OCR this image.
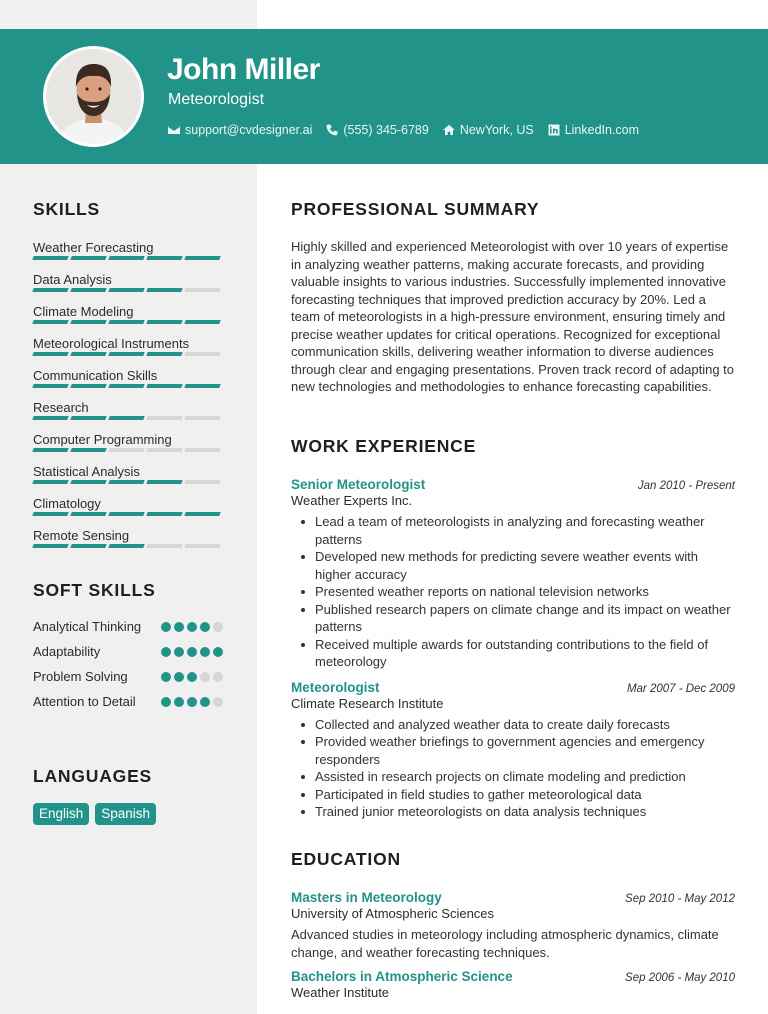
John Miller
Meteorologist
support@cvdesigner.ai (555) 345-6789 NewYork, US LinkedIn.com
SKILLS
Weather Forecasting
Data Analysis
Climate Modeling
Meteorological Instruments
Communication Skills
Research
Computer Programming
Statistical Analysis
Climatology
Remote Sensing
SOFT SKILLS
Analytical Thinking
Adaptability
Problem Solving
Attention to Detail
LANGUAGES
English	Spanish
PROFESSIONAL SUMMARY

Highly skilled and experienced Meteorologist with over 10 years of expertise in analyzing weather patterns, making accurate forecasts, and providing valuable insights to various industries. Successfully implemented innovative forecasting techniques that improved prediction accuracy by 20%. Led a team of meteorologists in a high-pressure environment, ensuring timely and precise weather updates for critical operations. Recognized for exceptional communication skills, delivering weather information to diverse audiences through clear and engaging presentations. Proven track record of adapting to new technologies and methodologies to enhance forecasting capabilities.

WORK EXPERIENCE
Senior Meteorologist	Jan 2010 - Present
Weather Experts Inc.
Lead a team of meteorologists in analyzing and forecasting weather patterns
Developed new methods for predicting severe weather events with higher accuracy
Presented weather reports on national television networks
Published research papers on climate change and its impact on weather patterns
Received multiple awards for outstanding contributions to the field of meteorology
Meteorologist	Mar 2007 - Dec 2009
Climate Research Institute
Collected and analyzed weather data to create daily forecasts
Provided weather briefings to government agencies and emergency responders
Assisted in research projects on climate modeling and prediction
Participated in field studies to gather meteorological data
Trained junior meteorologists on data analysis techniques
EDUCATION
Masters in Meteorology	Sep 2010 - May 2012
University of Atmospheric Sciences

Advanced studies in meteorology including atmospheric dynamics, climate change, and weather forecasting techniques.

Bachelors in Atmospheric Science	Sep 2006 - May 2010
Weather Institute
